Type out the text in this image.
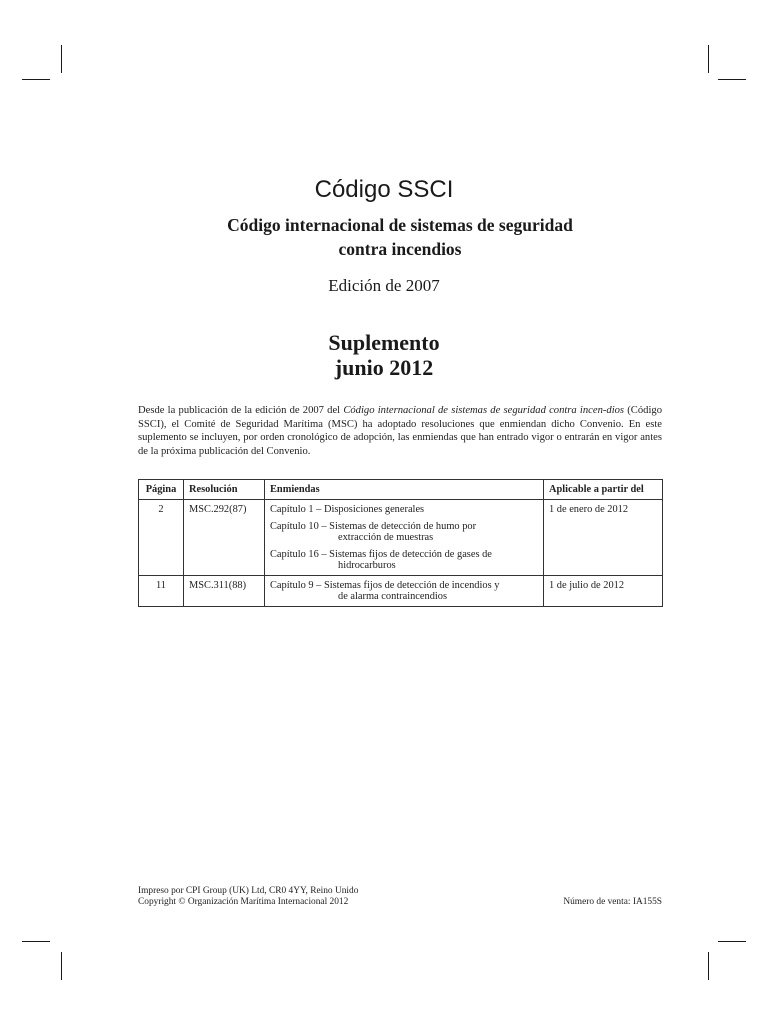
Código SSCI
Código internacional de sistemas de seguridad
contra incendios
Edición de 2007
Suplemento
junio 2012
Desde la publicación de la edición de 2007 del Código internacional de sistemas de seguridad contra incen-dios (Código SSCI), el Comité de Seguridad Marítima (MSC) ha adoptado resoluciones que enmiendan dicho Convenio. En este suplemento se incluyen, por orden cronológico de adopción, las enmiendas que han entrado vigor o entrarán en vigor antes de la próxima publicación del Convenio.
Página	Resolución	Enmiendas	Aplicable a partir del
2	MSC.292(87)	Capítulo 1 – Disposiciones generales
Capítulo 10 – Sistemas de detección de humo por
extracción de muestras
Capítulo 16 – Sistemas fijos de detección de gases de
hidrocarburos	1 de enero de 2012
11	MSC.311(88)	Capítulo 9 – Sistemas fijos de detección de incendios y
de alarma contraincendios	1 de julio de 2012
Impreso por CPI Group (UK) Ltd, CR0 4YY, Reino Unido
Copyright © Organización Marítima Internacional 2012	Número de venta: IA155S
